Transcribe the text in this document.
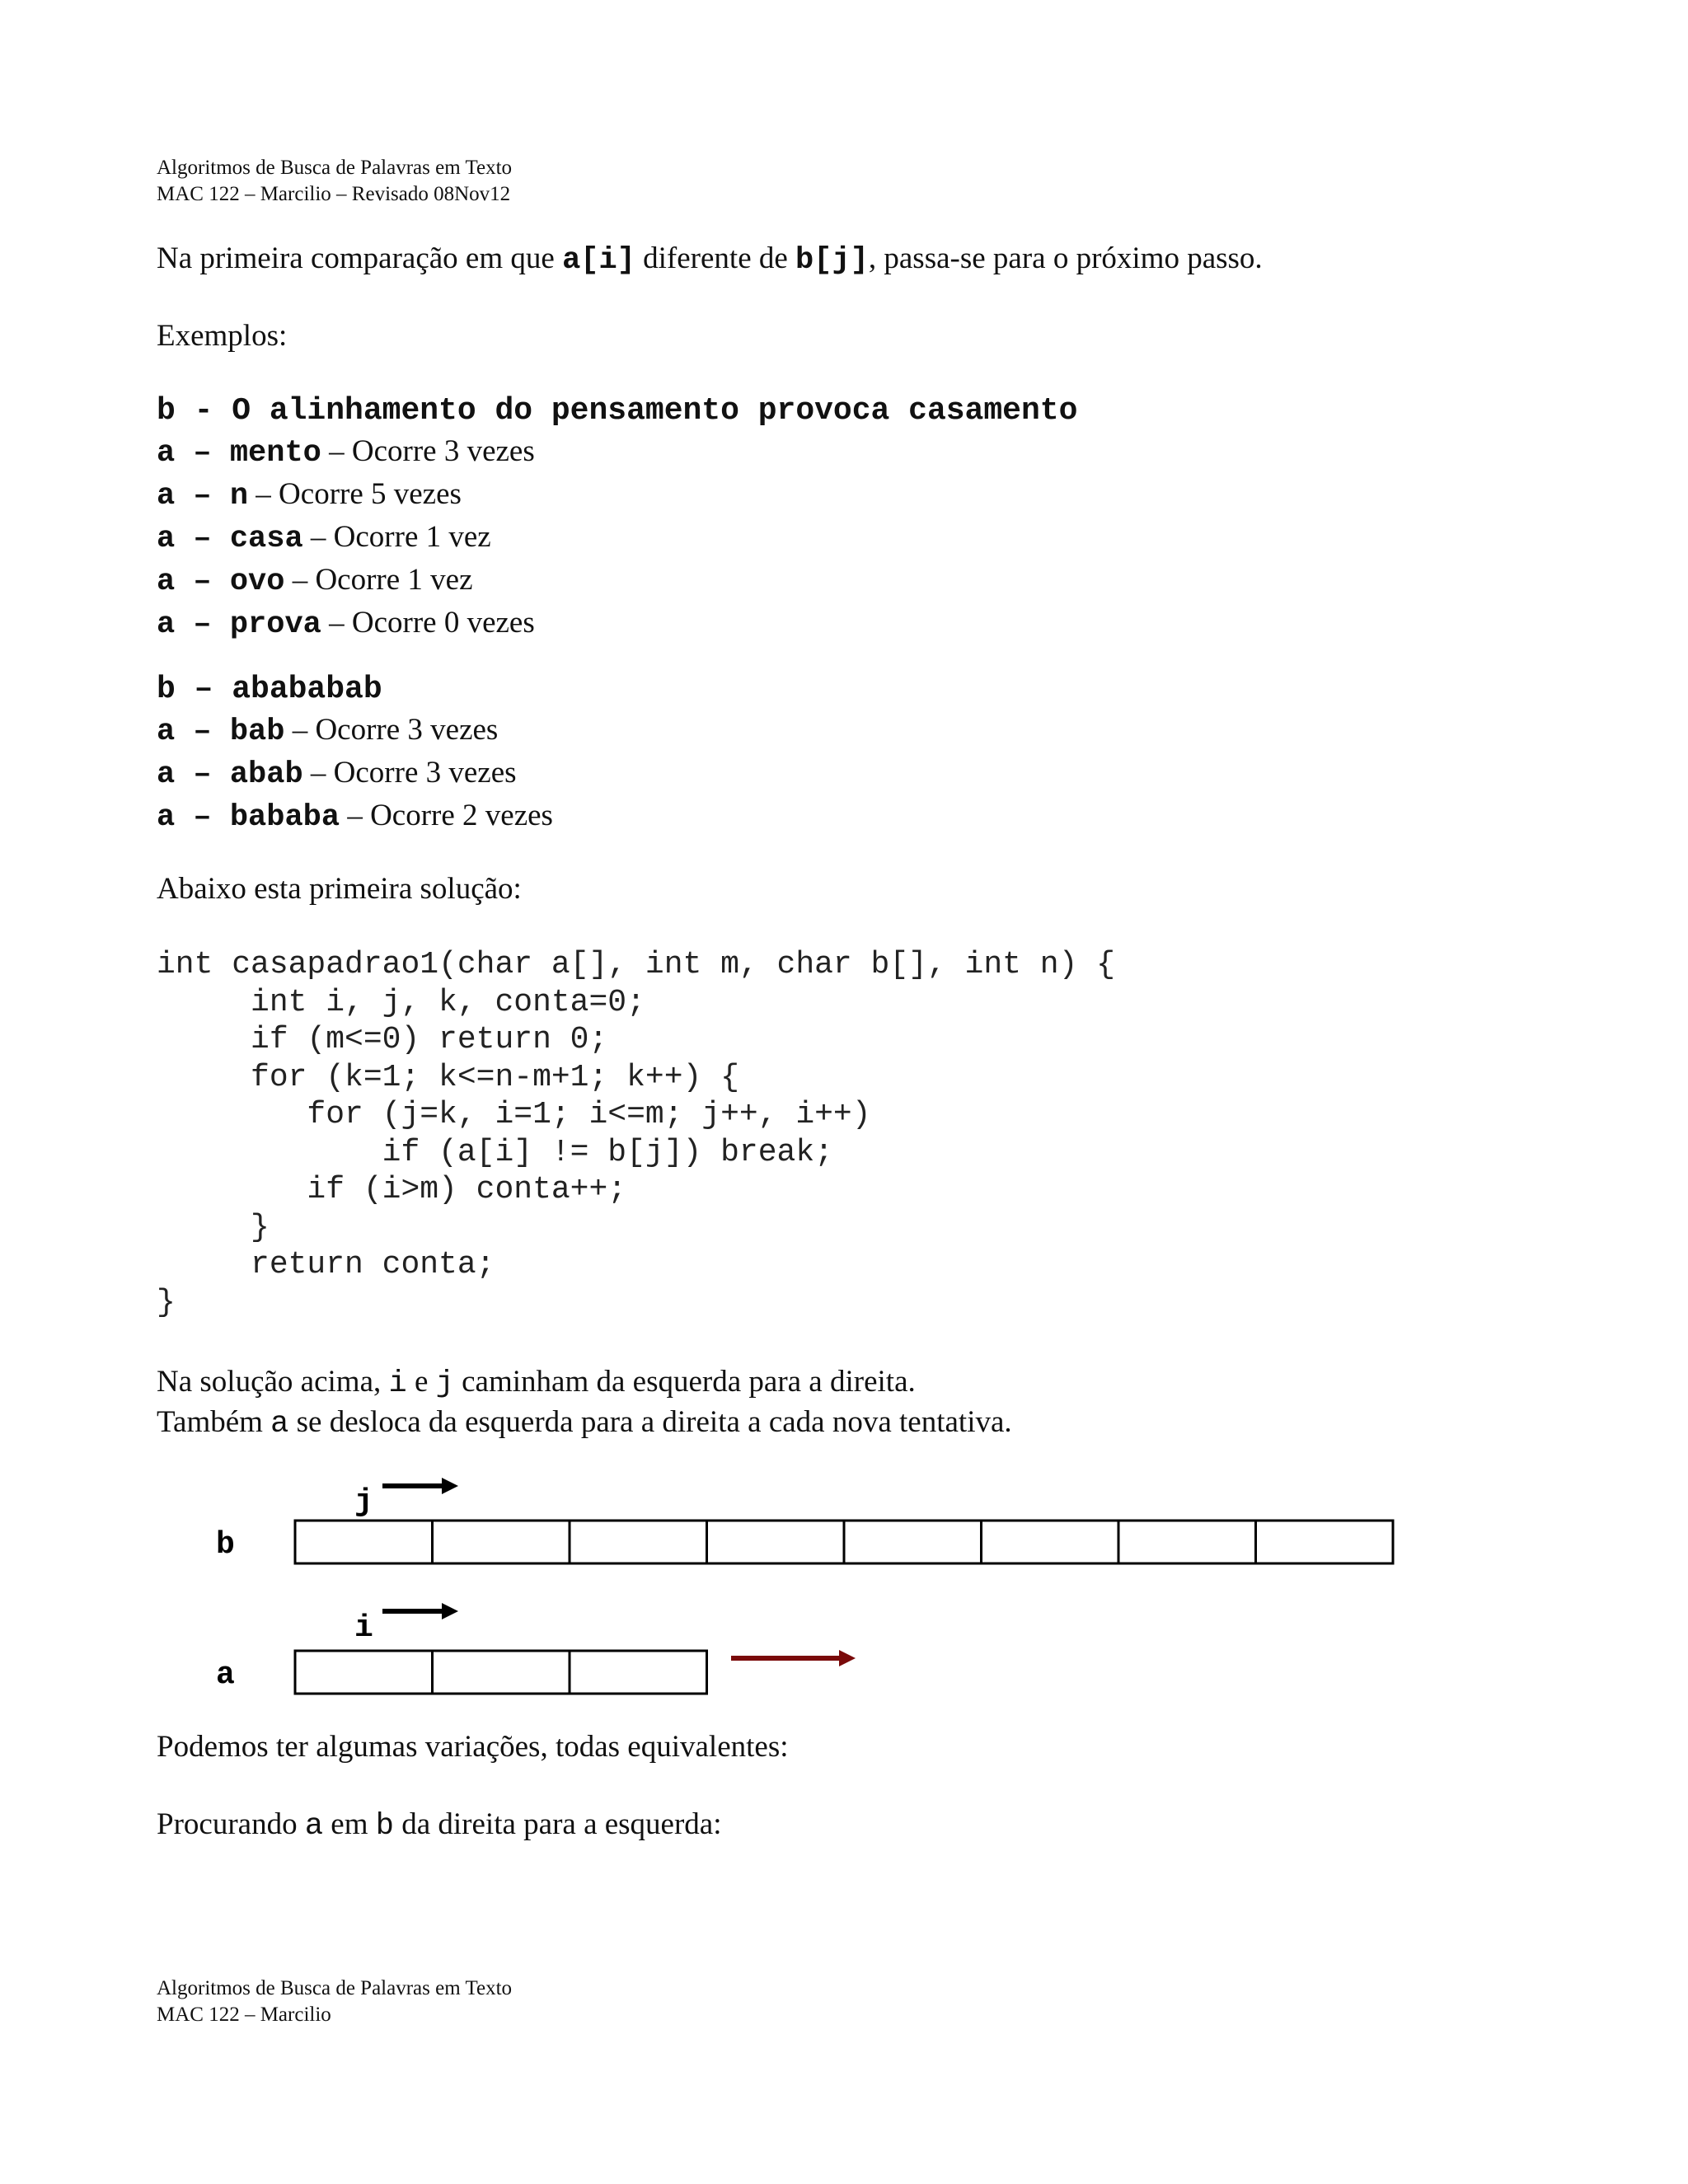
Algoritmos de Busca de Palavras em Texto
MAC 122 – Marcilio – Revisado 08Nov12
Na primeira comparação em que a[i] diferente de b[j], passa-se para o próximo passo.
Exemplos:
b - O alinhamento do pensamento provoca casamento
a – mento – Ocorre 3 vezes
a – n – Ocorre 5 vezes
a – casa – Ocorre 1 vez
a – ovo – Ocorre 1 vez
a – prova – Ocorre 0 vezes
b – abababab
a – bab – Ocorre 3 vezes
a – abab – Ocorre 3 vezes
a – bababa – Ocorre 2 vezes
Abaixo esta primeira solução:
int casapadrao1(char a[], int m, char b[], int n) {
int i, j, k, conta=0;
if (m<=0) return 0;
for (k=1; k<=n-m+1; k++) {
for (j=k, i=1; i<=m; j++, i++)
if (a[i] != b[j]) break;
if (i>m) conta++;
}
return conta;
}
Na solução acima, i e j caminham da esquerda para a direita.
Também a se desloca da esquerda para a direita a cada nova tentativa.
j
b
i
a
Podemos ter algumas variações, todas equivalentes:
Procurando a em b da direita para a esquerda:
Algoritmos de Busca de Palavras em Texto
MAC 122 – Marcilio
